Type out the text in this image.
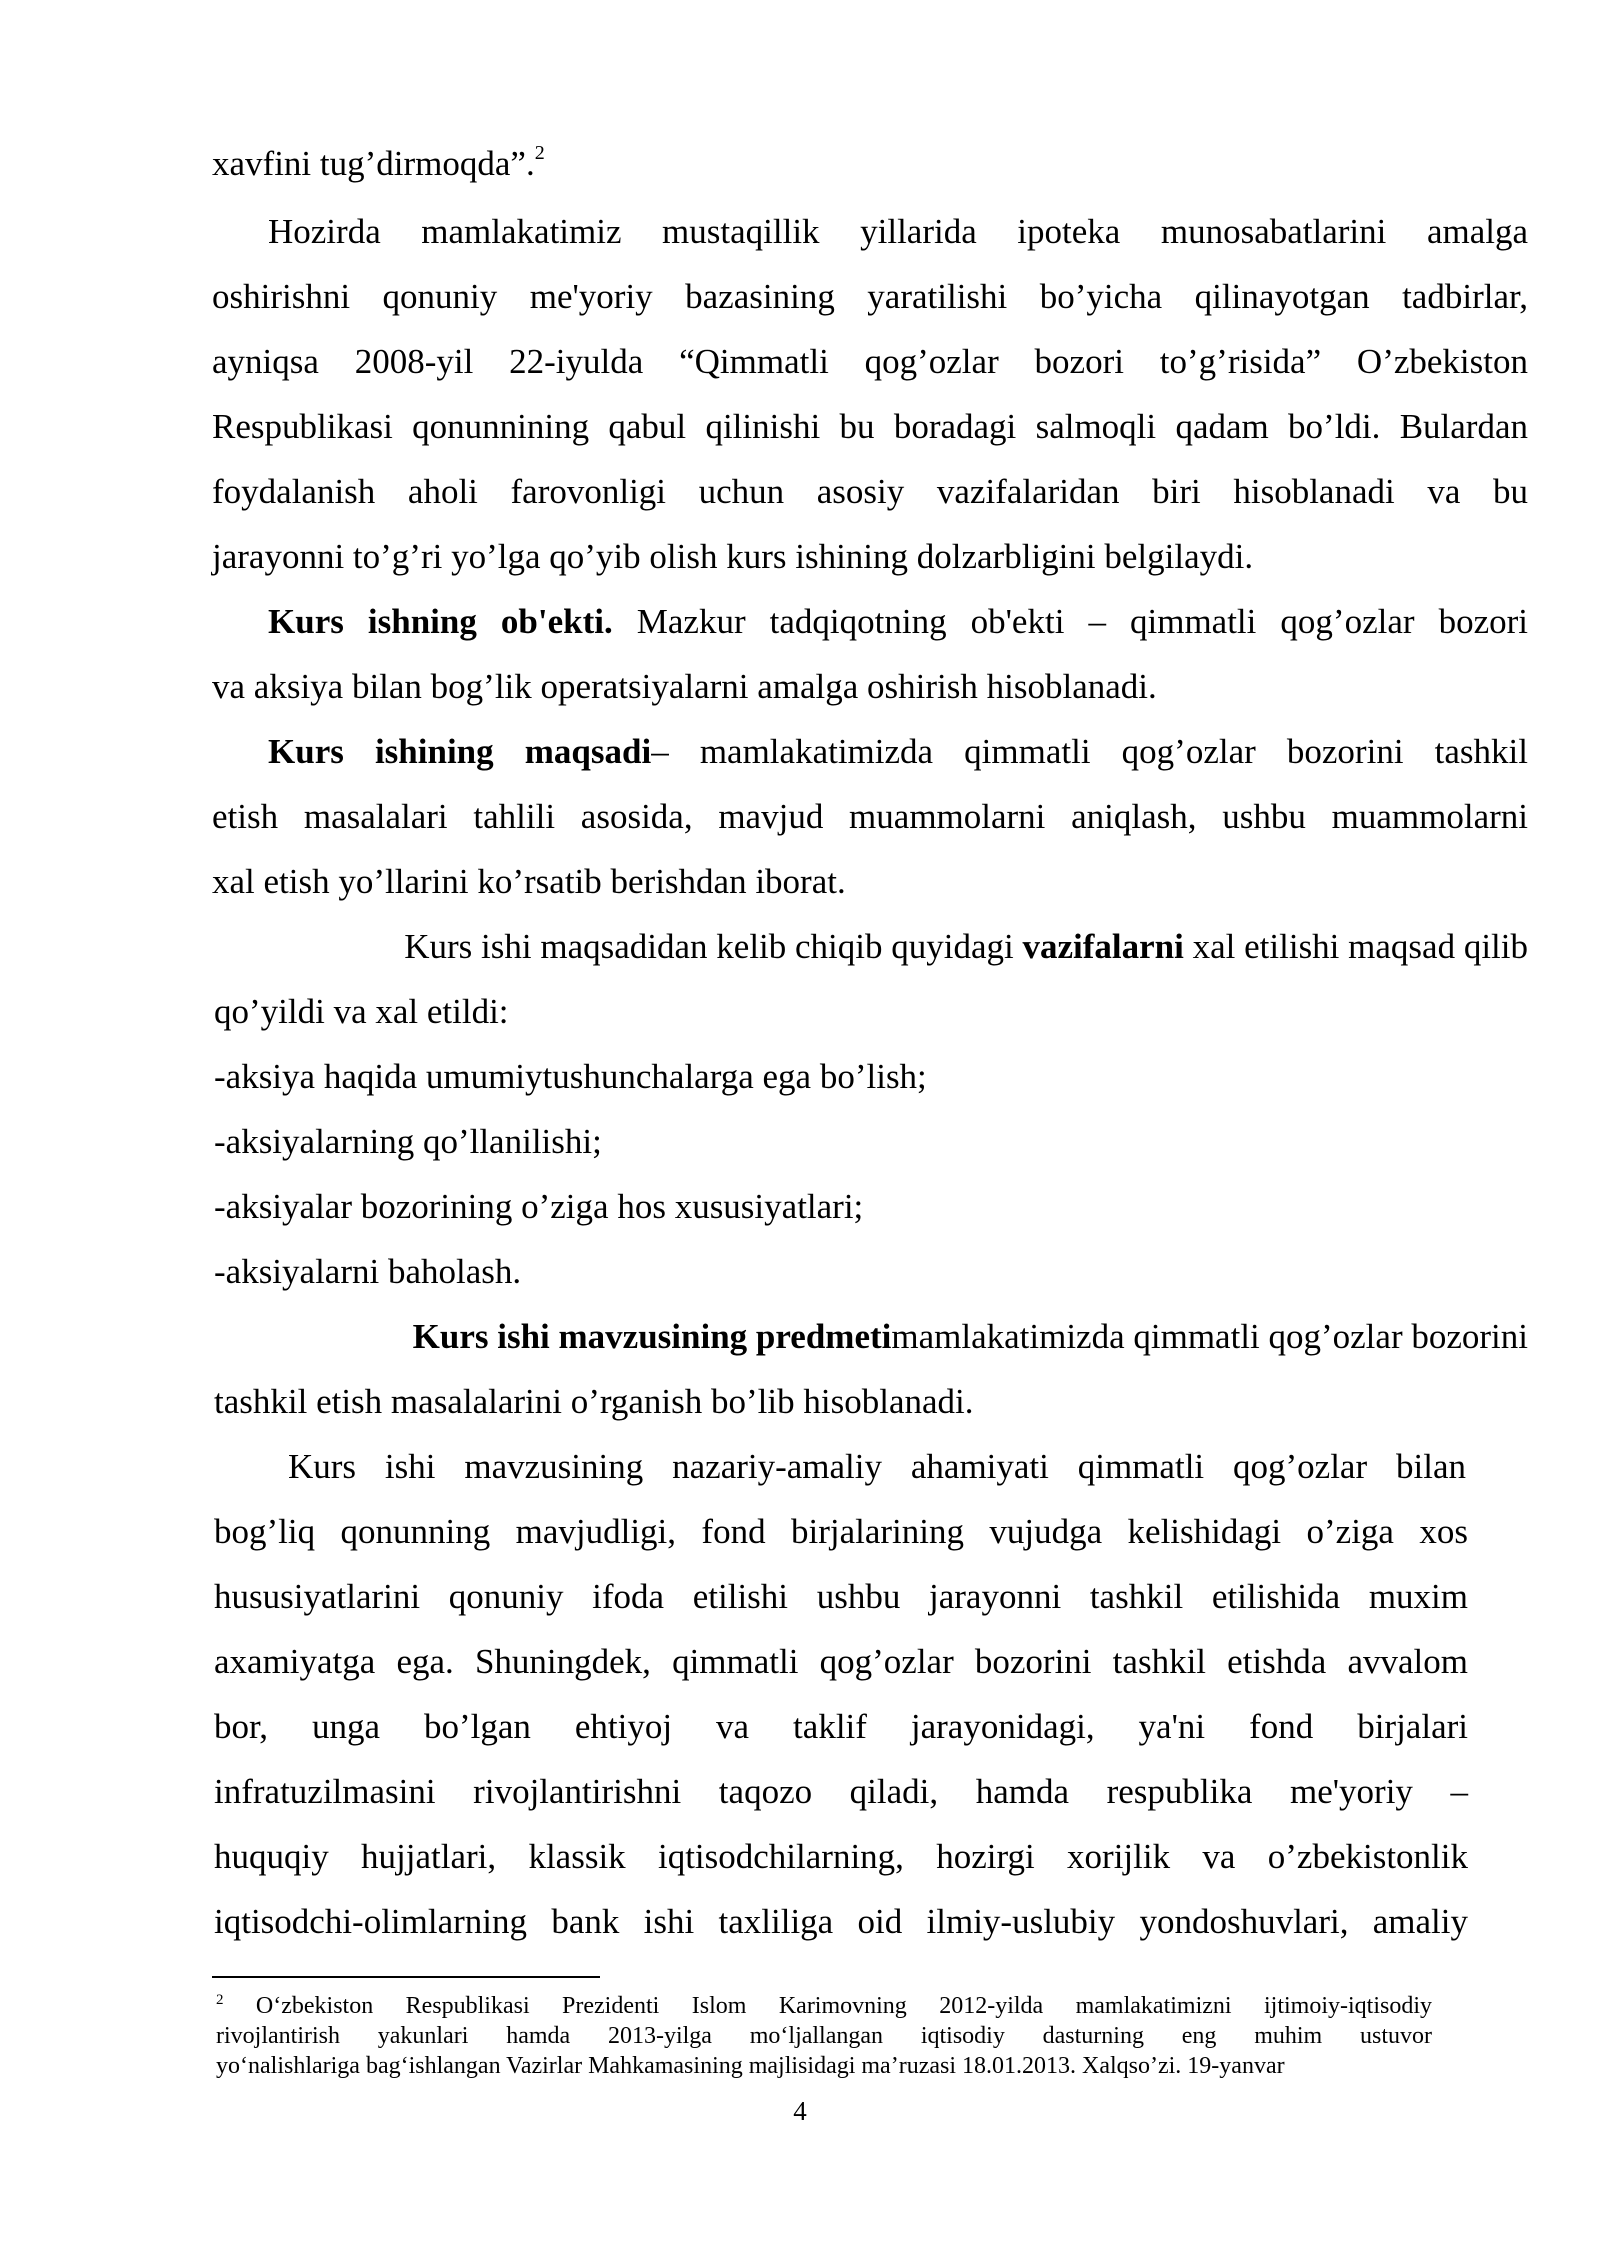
xavfini tug’dirmoqda”.$^2$
Hozirda mamlakatimiz mustaqillik yillarida ipoteka munosabatlarini amalga
oshirishni qonuniy me'yoriy bazasining yaratilishi bo’yicha qilinayotgan tadbirlar,
ayniqsa 2008-yil 22-iyulda “Qimmatli qog’ozlar bozori to’g’risida” O’zbekiston
Respublikasi qonunnining qabul qilinishi bu boradagi salmoqli qadam bo’ldi. Bulardan
foydalanish aholi farovonligi uchun asosiy vazifalaridan biri hisoblanadi va bu
jarayonni to’g’ri yo’lga qo’yib olish kurs ishining dolzarbligini belgilaydi.
Kurs ishning ob'ekti. Mazkur tadqiqotning ob'ekti – qimmatli qog’ozlar bozori
va aksiya bilan bog’lik operatsiyalarni amalga oshirish hisoblanadi.
Kurs ishining maqsadi– mamlakatimizda qimmatli qog’ozlar bozorini tashkil
etish masalalari tahlili asosida, mavjud muammolarni aniqlash, ushbu muammolarni
xal etish yo’llarini ko’rsatib berishdan iborat.
Kurs ishi maqsadidan kelib chiqib quyidagi vazifalarni xal etilishi maqsad qilib
qo’yildi va xal etildi:
-aksiya haqida umumiytushunchalarga ega bo’lish;
-aksiyalarning qo’llanilishi;
-aksiyalar bozorining o’ziga hos xususiyatlari;
-aksiyalarni baholash.
Kurs ishi mavzusining predmetimamlakatimizda qimmatli qog’ozlar bozorini
tashkil etish masalalarini o’rganish bo’lib hisoblanadi.
Kurs ishi mavzusining nazariy-amaliy ahamiyati qimmatli qog’ozlar bilan
bog’liq qonunning mavjudligi, fond birjalarining vujudga kelishidagi o’ziga xos
hususiyatlarini qonuniy ifoda etilishi ushbu jarayonni tashkil etilishida muxim
axamiyatga ega. Shuningdek, qimmatli qog’ozlar bozorini tashkil etishda avvalom
bor, unga bo’lgan ehtiyoj va taklif jarayonidagi, ya'ni fond birjalari
infratuzilmasini rivojlantirishni taqozo qiladi, hamda respublika me'yoriy –
huquqiy hujjatlari, klassik iqtisodchilarning, hozirgi xorijlik va o’zbekistonlik
iqtisodchi-olimlarning bank ishi taxliliga oid ilmiy-uslubiy yondoshuvlari, amaliy
$^2$ O‘zbekiston Respublikasi Prezidenti Islom Karimovning 2012-yilda mamlakatimizni ijtimoiy-iqtisodiy
rivojlantirish yakunlari hamda 2013-yilga mo‘ljallangan iqtisodiy dasturning eng muhim ustuvor
yo‘nalishlariga bag‘ishlangan Vazirlar Mahkamasining majlisidagi ma’ruzasi 18.01.2013. Xalqso’zi. 19-yanvar
4
